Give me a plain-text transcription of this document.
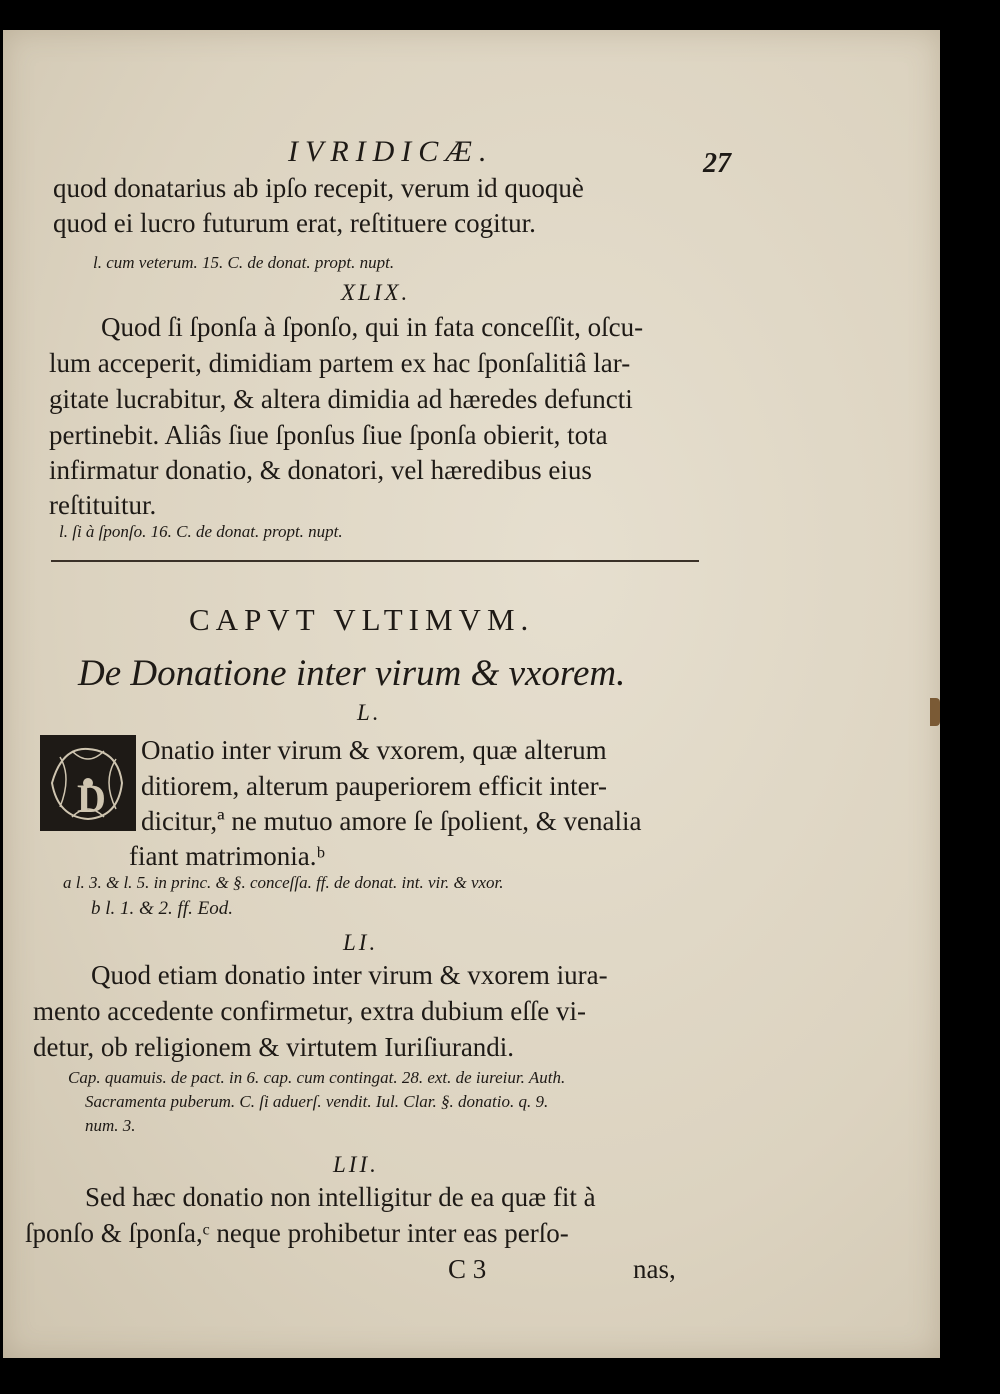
IVRIDICÆ.	27
quod donatarius ab ipſo recepit, verum id quoquè
quod ei lucro futurum erat, reſtituere cogitur.
l. cum veterum. 15. C. de donat. propt. nupt.
XLIX.
Quod ſi ſponſa à ſponſo, qui in fata conceſſit, oſcu-
lum acceperit, dimidiam partem ex hac ſponſalitiâ lar-
gitate lucrabitur, & altera dimidia ad hæredes defuncti
pertinebit. Aliâs ſiue ſponſus ſiue ſponſa obierit, tota
infirmatur donatio, & donatori, vel hæredibus eius
reſtituitur.
l. ſi à ſponſo. 16. C. de donat. propt. nupt.
CAPVT VLTIMVM.
De Donatione inter virum & vxorem.
L.
D
Onatio inter virum & vxorem, quæ alterum
ditiorem, alterum pauperiorem efficit inter-
dicitur,ª ne mutuo amore ſe ſpolient, & venalia
fiant matrimonia.ᵇ
a l. 3. & l. 5. in princ. & §. conceſſa. ff. de donat. int. vir. & vxor.
b l. 1. & 2. ff. Eod.
LI.
Quod etiam donatio inter virum & vxorem iura-
mento accedente confirmetur, extra dubium eſſe vi-
detur, ob religionem & virtutem Iuriſiurandi.
Cap. quamuis. de pact. in 6. cap. cum contingat. 28. ext. de iureiur. Auth.
Sacramenta puberum. C. ſi aduerſ. vendit. Iul. Clar. §. donatio. q. 9.
num. 3.
LII.
Sed hæc donatio non intelligitur de ea quæ fit à
ſponſo & ſponſa,ᶜ neque prohibetur inter eas perſo-
C 3	nas,
